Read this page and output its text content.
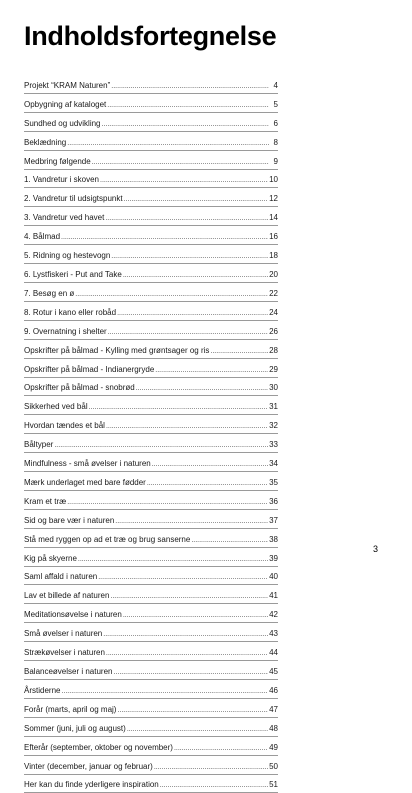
Indholdsfortegnelse
Projekt “KRAM Naturen” .....	4
Opbygning af kataloget .....	5
Sundhed og udvikling .....	6
Beklædning .....	8
Medbring følgende .....	9
1. Vandretur i skoven .....	10
2. Vandretur til udsigtspunkt .....	12
3. Vandretur ved havet .....	14
4. Bålmad .....	16
5. Ridning og hestevogn .....	18
6. Lystfiskeri - Put and Take .....	20
7. Besøg en ø .....	22
8. Rotur i kano eller robåd .....	24
9. Overnatning i shelter .....	26
Opskrifter på bålmad - Kylling med grøntsager og ris .....	28
Opskrifter på bålmad - Indianergryde .....	29
Opskrifter på bålmad - snobrød .....	30
Sikkerhed ved bål .....	31
Hvordan tændes et bål .....	32
Båltyper .....	33
Mindfulness - små øvelser i naturen .....	34
Mærk underlaget med bare fødder .....	35
Kram et træ .....	36
Sid og bare vær i naturen .....	37
Stå med ryggen op ad et træ og brug sanserne .....	38
Kig på skyerne .....	39
Saml affald i naturen .....	40
Lav et billede af naturen .....	41
Meditationsøvelse i naturen .....	42
Små øvelser i naturen .....	43
Strækøvelser i naturen .....	44
Balanceøvelser i naturen .....	45
Årstiderne .....	46
Forår (marts, april og maj) .....	47
Sommer (juni, juli og august) .....	48
Efterår (september, oktober og november) .....	49
Vinter (december, januar og februar) .....	50
Her kan du finde yderligere inspiration .....	51
3
